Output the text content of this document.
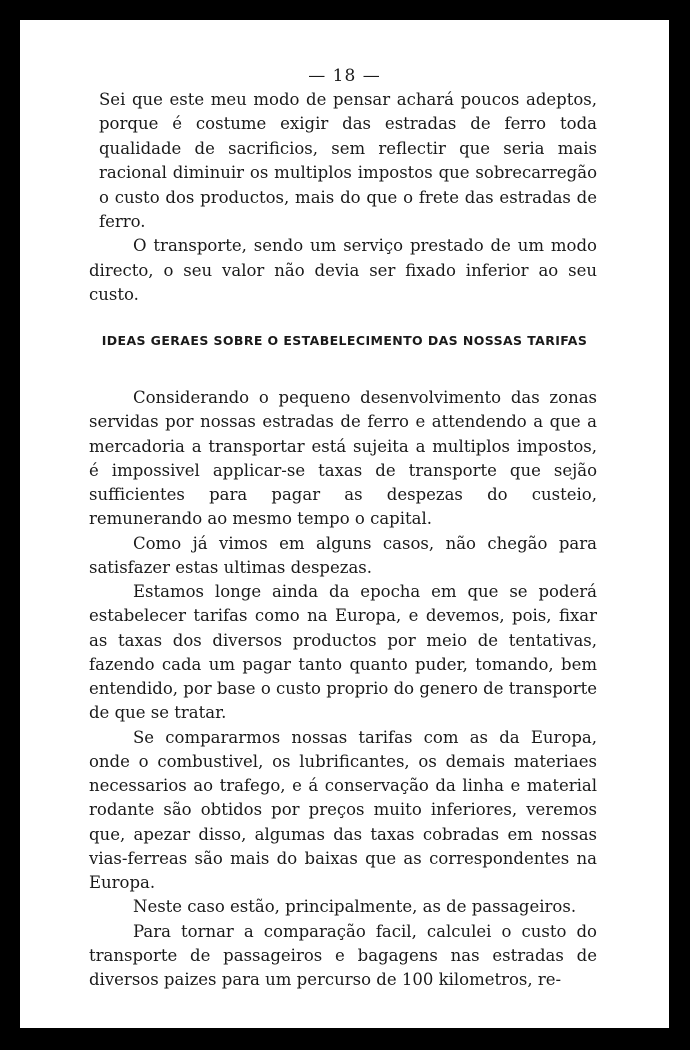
— 18 —

Sei que este meu modo de pensar achará poucos adeptos, porque é costume exigir das estradas de ferro toda qualidade de sacrificios, sem reflectir que seria mais racional diminuir os multiplos impostos que sobrecarregão o custo dos productos, mais do que o frete das estradas de ferro.

O transporte, sendo um serviço prestado de um modo directo, o seu valor não devia ser fixado inferior ao seu custo.

IDEAS GERAES SOBRE O ESTABELECIMENTO DAS NOSSAS TARIFAS

Considerando o pequeno desenvolvimento das zonas servidas por nossas estradas de ferro e attendendo a que a mercadoria a transportar está sujeita a multiplos impostos, é impossivel applicar-se taxas de transporte que sejão sufficientes para pagar as despezas do custeio, remunerando ao mesmo tempo o capital.

Como já vimos em alguns casos, não chegão para satisfazer estas ultimas despezas.

Estamos longe ainda da epocha em que se poderá estabelecer tarifas como na Europa, e devemos, pois, fixar as taxas dos diversos productos por meio de tentativas, fazendo cada um pagar tanto quanto puder, tomando, bem entendido, por base o custo proprio do genero de transporte de que se tratar.

Se compararmos nossas tarifas com as da Europa, onde o combustivel, os lubrificantes, os demais materiaes necessarios ao trafego, e á conservação da linha e material rodante são obtidos por preços muito inferiores, veremos que, apezar disso, algumas das taxas cobradas em nossas vias-ferreas são mais do baixas que as correspondentes na Europa.

Neste caso estão, principalmente, as de passageiros.

Para tornar a comparação facil, calculei o custo do transporte de passageiros e bagagens nas estradas de diversos paizes para um percurso de 100 kilometros, re-
